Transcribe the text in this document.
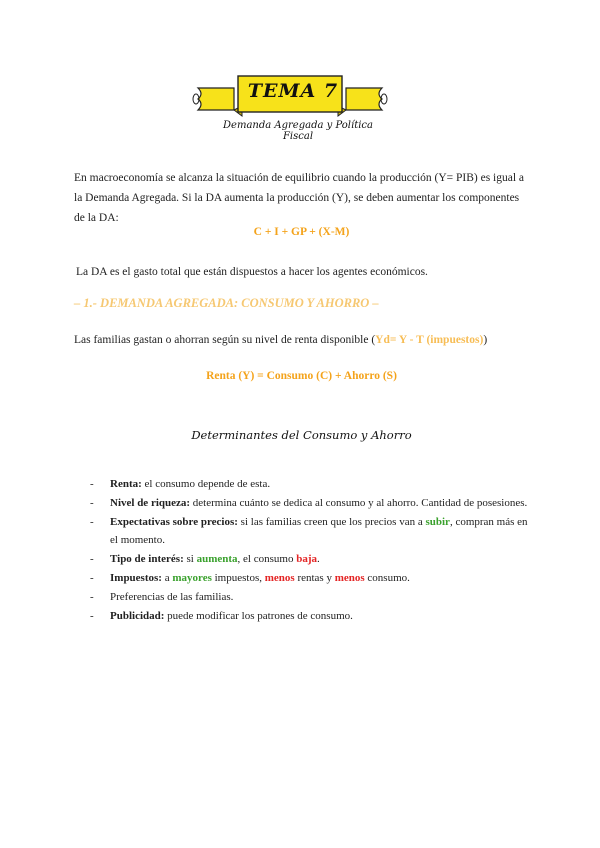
TEMA 7
Demanda Agregada y Política Fiscal
En macroeconomía se alcanza la situación de equilibrio cuando la producción (Y= PIB) es igual a la Demanda Agregada. Si la DA aumenta la producción (Y), se deben aumentar los componentes de la DA:
C + I + GP + (X-M)
La DA es el gasto total que están dispuestos a hacer los agentes económicos.
– 1.- DEMANDA AGREGADA: CONSUMO Y AHORRO –
Las familias gastan o ahorran según su nivel de renta disponible (Yd= Y - T (impuestos))
Renta (Y) = Consumo (C) + Ahorro (S)
Determinantes del Consumo y Ahorro
- Renta: el consumo depende de esta.
- Nivel de riqueza: determina cuánto se dedica al consumo y al ahorro. Cantidad de posesiones.
- Expectativas sobre precios: si las familias creen que los precios van a subir, compran más en el momento.
- Tipo de interés: si aumenta, el consumo baja.
- Impuestos: a mayores impuestos, menos rentas y menos consumo.
- Preferencias de las familias.
- Publicidad: puede modificar los patrones de consumo.
